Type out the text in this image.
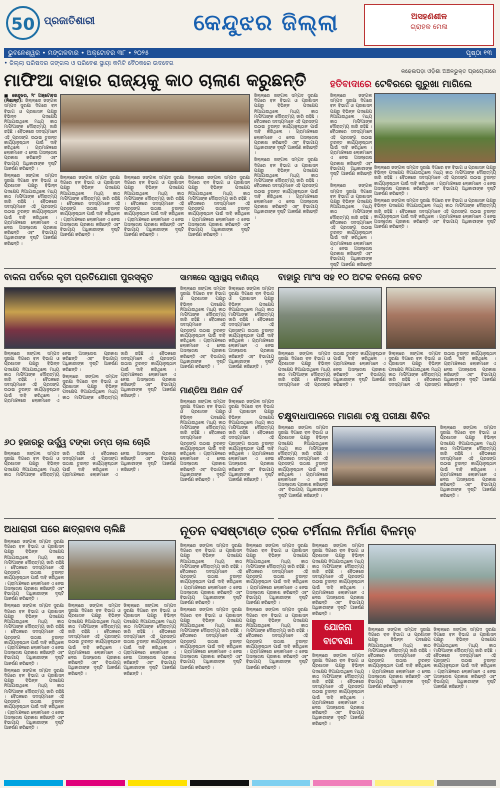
50 ପ୍ରଜାତିଶାରୀ	କେନ୍ଦୁଝର ଜିଲ୍ଲା	ଅସହଣଶୀଳ
ଗ୍ରାହକ ମେଳା
ଭୁବନେଶ୍ୱର • ମଙ୍ଗଳବାର • ଅକ୍ଟୋବର ୩୮ • ୨୦୨୫	ପୃଷ୍ଠା ୧୩
• ଜିଲ୍ଲା ପରିଷଦର ଜଙ୍ଗଲ ଓ ପରିବେଶ ସ୍ଥାୟୀ କମିଟି ବୈଠକରେ ଉଦବେଗ
ମାଫିଆ ବାହାର ରାଜ୍ୟକୁ କାଠ ଚାଲାଣ କରୁଛନ୍ତି	କଢେଇପଡ଼ା ଓଡ଼ିଶା ଅଞ୍ଚଳଭୁକ୍ତ ପ୍ରୟୋଗରେ
ହତିବାଦାରେ ଟେବିରରେ ଗୁରୁଖା ମାଗିଲେ

■ କେନ୍ଦୁଝର, ୨୮ ଅକ୍ଟୋବର (ନିଶାନ୍ତ): ଜିଲ୍ଲାରେ ଜଙ୍ଗଲ ସମ୍ପଦ ସୁରକ୍ଷା ଦିଗରେ ବନ ବିଭାଗ ଓ ପ୍ରଶାସନ ପକ୍ଷରୁ ବିଭିନ୍ନ ପଦକ୍ଷେପ ନିଆଯାଉଥିଲେ ମଧ୍ୟ କାଠ ମାଫିଆଙ୍କ ଦୌରାତ୍ମ୍ୟ ଜାରି ରହିଛି । ବୈଠକରେ ସଦସ୍ୟମାନେ ଏହି ପ୍ରସଙ୍ଗ ଉଠାଇ ତୁରନ୍ତ କାର୍ଯ୍ୟାନୁଷ୍ଠାନ ପାଇଁ ଦାବି କରିଥିଲେ । ଗ୍ରାମାଞ୍ଚଳରେ ଲୋକମାନେ ଏ ନେଇ ଅସନ୍ତୋଷ ପ୍ରକାଶ କରିଛନ୍ତି ଏବଂ ବିଭାଗୀୟ ଅଧିକାରୀଙ୍କ ଦୃଷ୍ଟି ଆକର୍ଷଣ କରିଛନ୍ତି ।

ଜିଲ୍ଲାରେ ଜଙ୍ଗଲ ସମ୍ପଦ ସୁରକ୍ଷା ଦିଗରେ ବନ ବିଭାଗ ଓ ପ୍ରଶାସନ ପକ୍ଷରୁ ବିଭିନ୍ନ ପଦକ୍ଷେପ ନିଆଯାଉଥିଲେ ମଧ୍ୟ କାଠ ମାଫିଆଙ୍କ ଦୌରାତ୍ମ୍ୟ ଜାରି ରହିଛି । ବୈଠକରେ ସଦସ୍ୟମାନେ ଏହି ପ୍ରସଙ୍ଗ ଉଠାଇ ତୁରନ୍ତ କାର୍ଯ୍ୟାନୁଷ୍ଠାନ ପାଇଁ ଦାବି କରିଥିଲେ । ଗ୍ରାମାଞ୍ଚଳରେ ଲୋକମାନେ ଏ ନେଇ ଅସନ୍ତୋଷ ପ୍ରକାଶ କରିଛନ୍ତି ଏବଂ ବିଭାଗୀୟ ଅଧିକାରୀଙ୍କ ଦୃଷ୍ଟି ଆକର୍ଷଣ କରିଛନ୍ତି ।

ଜିଲ୍ଲାରେ ଜଙ୍ଗଲ ସମ୍ପଦ ସୁରକ୍ଷା ଦିଗରେ ବନ ବିଭାଗ ଓ ପ୍ରଶାସନ ପକ୍ଷରୁ ବିଭିନ୍ନ ପଦକ୍ଷେପ ନିଆଯାଉଥିଲେ ମଧ୍ୟ କାଠ ମାଫିଆଙ୍କ ଦୌରାତ୍ମ୍ୟ ଜାରି ରହିଛି । ବୈଠକରେ ସଦସ୍ୟମାନେ ଏହି ପ୍ରସଙ୍ଗ ଉଠାଇ ତୁରନ୍ତ କାର୍ଯ୍ୟାନୁଷ୍ଠାନ ପାଇଁ ଦାବି କରିଥିଲେ । ଗ୍ରାମାଞ୍ଚଳରେ ଲୋକମାନେ ଏ ନେଇ ଅସନ୍ତୋଷ ପ୍ରକାଶ କରିଛନ୍ତି ଏବଂ ବିଭାଗୀୟ ଅଧିକାରୀଙ୍କ ଦୃଷ୍ଟି ଆକର୍ଷଣ କରିଛନ୍ତି ।

ଜିଲ୍ଲାରେ ଜଙ୍ଗଲ ସମ୍ପଦ ସୁରକ୍ଷା ଦିଗରେ ବନ ବିଭାଗ ଓ ପ୍ରଶାସନ ପକ୍ଷରୁ ବିଭିନ୍ନ ପଦକ୍ଷେପ ନିଆଯାଉଥିଲେ ମଧ୍ୟ କାଠ ମାଫିଆଙ୍କ ଦୌରାତ୍ମ୍ୟ ଜାରି ରହିଛି । ବୈଠକରେ ସଦସ୍ୟମାନେ ଏହି ପ୍ରସଙ୍ଗ ଉଠାଇ ତୁରନ୍ତ କାର୍ଯ୍ୟାନୁଷ୍ଠାନ ପାଇଁ ଦାବି କରିଥିଲେ । ଗ୍ରାମାଞ୍ଚଳରେ ଲୋକମାନେ ଏ ନେଇ ଅସନ୍ତୋଷ ପ୍ରକାଶ କରିଛନ୍ତି ଏବଂ ବିଭାଗୀୟ ଅଧିକାରୀଙ୍କ ଦୃଷ୍ଟି ଆକର୍ଷଣ କରିଛନ୍ତି ।

ଜିଲ୍ଲାରେ ଜଙ୍ଗଲ ସମ୍ପଦ ସୁରକ୍ଷା ଦିଗରେ ବନ ବିଭାଗ ଓ ପ୍ରଶାସନ ପକ୍ଷରୁ ବିଭିନ୍ନ ପଦକ୍ଷେପ ନିଆଯାଉଥିଲେ ମଧ୍ୟ କାଠ ମାଫିଆଙ୍କ ଦୌରାତ୍ମ୍ୟ ଜାରି ରହିଛି । ବୈଠକରେ ସଦସ୍ୟମାନେ ଏହି ପ୍ରସଙ୍ଗ ଉଠାଇ ତୁରନ୍ତ କାର୍ଯ୍ୟାନୁଷ୍ଠାନ ପାଇଁ ଦାବି କରିଥିଲେ । ଗ୍ରାମାଞ୍ଚଳରେ ଲୋକମାନେ ଏ ନେଇ ଅସନ୍ତୋଷ ପ୍ରକାଶ କରିଛନ୍ତି ଏବଂ ବିଭାଗୀୟ ଅଧିକାରୀଙ୍କ ଦୃଷ୍ଟି ଆକର୍ଷଣ କରିଛନ୍ତି ।

ଜିଲ୍ଲାରେ ଜଙ୍ଗଲ ସମ୍ପଦ ସୁରକ୍ଷା ଦିଗରେ ବନ ବିଭାଗ ଓ ପ୍ରଶାସନ ପକ୍ଷରୁ ବିଭିନ୍ନ ପଦକ୍ଷେପ ନିଆଯାଉଥିଲେ ମଧ୍ୟ କାଠ ମାଫିଆଙ୍କ ଦୌରାତ୍ମ୍ୟ ଜାରି ରହିଛି । ବୈଠକରେ ସଦସ୍ୟମାନେ ଏହି ପ୍ରସଙ୍ଗ ଉଠାଇ ତୁରନ୍ତ କାର୍ଯ୍ୟାନୁଷ୍ଠାନ ପାଇଁ ଦାବି କରିଥିଲେ । ଗ୍ରାମାଞ୍ଚଳରେ ଲୋକମାନେ ଏ ନେଇ ଅସନ୍ତୋଷ ପ୍ରକାଶ କରିଛନ୍ତି ଏବଂ ବିଭାଗୀୟ ଅଧିକାରୀଙ୍କ ଦୃଷ୍ଟି ଆକର୍ଷଣ କରିଛନ୍ତି ।

ଜିଲ୍ଲାରେ ଜଙ୍ଗଲ ସମ୍ପଦ ସୁରକ୍ଷା ଦିଗରେ ବନ ବିଭାଗ ଓ ପ୍ରଶାସନ ପକ୍ଷରୁ ବିଭିନ୍ନ ପଦକ୍ଷେପ ନିଆଯାଉଥିଲେ ମଧ୍ୟ କାଠ ମାଫିଆଙ୍କ ଦୌରାତ୍ମ୍ୟ ଜାରି ରହିଛି । ବୈଠକରେ ସଦସ୍ୟମାନେ ଏହି ପ୍ରସଙ୍ଗ ଉଠାଇ ତୁରନ୍ତ କାର୍ଯ୍ୟାନୁଷ୍ଠାନ ପାଇଁ ଦାବି କରିଥିଲେ । ଗ୍ରାମାଞ୍ଚଳରେ ଲୋକମାନେ ଏ ନେଇ ଅସନ୍ତୋଷ ପ୍ରକାଶ କରିଛନ୍ତି ଏବଂ ବିଭାଗୀୟ ଅଧିକାରୀଙ୍କ ଦୃଷ୍ଟି ଆକର୍ଷଣ କରିଛନ୍ତି ।

ଜିଲ୍ଲାରେ ଜଙ୍ଗଲ ସମ୍ପଦ ସୁରକ୍ଷା ଦିଗରେ ବନ ବିଭାଗ ଓ ପ୍ରଶାସନ ପକ୍ଷରୁ ବିଭିନ୍ନ ପଦକ୍ଷେପ ନିଆଯାଉଥିଲେ ମଧ୍ୟ କାଠ ମାଫିଆଙ୍କ ଦୌରାତ୍ମ୍ୟ ଜାରି ରହିଛି । ବୈଠକରେ ସଦସ୍ୟମାନେ ଏହି ପ୍ରସଙ୍ଗ ଉଠାଇ ତୁରନ୍ତ କାର୍ଯ୍ୟାନୁଷ୍ଠାନ ପାଇଁ ଦାବି କରିଥିଲେ । ଗ୍ରାମାଞ୍ଚଳରେ ଲୋକମାନେ ଏ ନେଇ ଅସନ୍ତୋଷ ପ୍ରକାଶ କରିଛନ୍ତି ଏବଂ ବିଭାଗୀୟ ଅଧିକାରୀଙ୍କ ଦୃଷ୍ଟି ଆକର୍ଷଣ କରିଛନ୍ତି ।

ଜିଲ୍ଲାରେ ଜଙ୍ଗଲ ସମ୍ପଦ ସୁରକ୍ଷା ଦିଗରେ ବନ ବିଭାଗ ଓ ପ୍ରଶାସନ ପକ୍ଷରୁ ବିଭିନ୍ନ ପଦକ୍ଷେପ ନିଆଯାଉଥିଲେ ମଧ୍ୟ କାଠ ମାଫିଆଙ୍କ ଦୌରାତ୍ମ୍ୟ ଜାରି ରହିଛି । ବୈଠକରେ ସଦସ୍ୟମାନେ ଏହି ପ୍ରସଙ୍ଗ ଉଠାଇ ତୁରନ୍ତ କାର୍ଯ୍ୟାନୁଷ୍ଠାନ ପାଇଁ ଦାବି କରିଥିଲେ । ଗ୍ରାମାଞ୍ଚଳରେ ଲୋକମାନେ ଏ ନେଇ ଅସନ୍ତୋଷ ପ୍ରକାଶ କରିଛନ୍ତି ଏବଂ ବିଭାଗୀୟ ଅଧିକାରୀଙ୍କ ଦୃଷ୍ଟି ଆକର୍ଷଣ କରିଛନ୍ତି ।

ଜିଲ୍ଲାରେ ଜଙ୍ଗଲ ସମ୍ପଦ ସୁରକ୍ଷା ଦିଗରେ ବନ ବିଭାଗ ଓ ପ୍ରଶାସନ ପକ୍ଷରୁ ବିଭିନ୍ନ ପଦକ୍ଷେପ ନିଆଯାଉଥିଲେ ମଧ୍ୟ କାଠ ମାଫିଆଙ୍କ ଦୌରାତ୍ମ୍ୟ ଜାରି ରହିଛି । ବୈଠକରେ ସଦସ୍ୟମାନେ ଏହି ପ୍ରସଙ୍ଗ ଉଠାଇ ତୁରନ୍ତ କାର୍ଯ୍ୟାନୁଷ୍ଠାନ ପାଇଁ ଦାବି କରିଥିଲେ । ଗ୍ରାମାଞ୍ଚଳରେ ଲୋକମାନେ ଏ ନେଇ ଅସନ୍ତୋଷ ପ୍ରକାଶ କରିଛନ୍ତି ଏବଂ ବିଭାଗୀୟ ଅଧିକାରୀଙ୍କ ଦୃଷ୍ଟି ଆକର୍ଷଣ କରିଛନ୍ତି ।

ଜିଲ୍ଲାରେ ଜଙ୍ଗଲ ସମ୍ପଦ ସୁରକ୍ଷା ଦିଗରେ ବନ ବିଭାଗ ଓ ପ୍ରଶାସନ ପକ୍ଷରୁ ବିଭିନ୍ନ ପଦକ୍ଷେପ ନିଆଯାଉଥିଲେ ମଧ୍ୟ କାଠ ମାଫିଆଙ୍କ ଦୌରାତ୍ମ୍ୟ ଜାରି ରହିଛି । ବୈଠକରେ ସଦସ୍ୟମାନେ ଏହି ପ୍ରସଙ୍ଗ ଉଠାଇ ତୁରନ୍ତ କାର୍ଯ୍ୟାନୁଷ୍ଠାନ ପାଇଁ ଦାବି କରିଥିଲେ । ଗ୍ରାମାଞ୍ଚଳରେ ଲୋକମାନେ ଏ ନେଇ ଅସନ୍ତୋଷ ପ୍ରକାଶ କରିଛନ୍ତି ଏବଂ ବିଭାଗୀୟ ଅଧିକାରୀଙ୍କ ଦୃଷ୍ଟି ଆକର୍ଷଣ କରିଛନ୍ତି ।

ବାକନା ପର୍ବରେ କୃତୀ ପ୍ରତିଯୋଗୀ ପୁରସ୍କୃତ

ଜିଲ୍ଲାରେ ଜଙ୍ଗଲ ସମ୍ପଦ ସୁରକ୍ଷା ଦିଗରେ ବନ ବିଭାଗ ଓ ପ୍ରଶାସନ ପକ୍ଷରୁ ବିଭିନ୍ନ ପଦକ୍ଷେପ ନିଆଯାଉଥିଲେ ମଧ୍ୟ କାଠ ମାଫିଆଙ୍କ ଦୌରାତ୍ମ୍ୟ ଜାରି ରହିଛି । ବୈଠକରେ ସଦସ୍ୟମାନେ ଏହି ପ୍ରସଙ୍ଗ ଉଠାଇ ତୁରନ୍ତ କାର୍ଯ୍ୟାନୁଷ୍ଠାନ ପାଇଁ ଦାବି କରିଥିଲେ । ଗ୍ରାମାଞ୍ଚଳରେ ଲୋକମାନେ ଏ ନେଇ ଅସନ୍ତୋଷ ପ୍ରକାଶ କରିଛନ୍ତି ଏବଂ ବିଭାଗୀୟ ଅଧିକାରୀଙ୍କ ଦୃଷ୍ଟି ଆକର୍ଷଣ କରିଛନ୍ତି ।

ଜିଲ୍ଲାରେ ଜଙ୍ଗଲ ସମ୍ପଦ ସୁରକ୍ଷା ଦିଗରେ ବନ ବିଭାଗ ଓ ପ୍ରଶାସନ ପକ୍ଷରୁ ବିଭିନ୍ନ ପଦକ୍ଷେପ ନିଆଯାଉଥିଲେ ମଧ୍ୟ କାଠ ମାଫିଆଙ୍କ ଦୌରାତ୍ମ୍ୟ ଜାରି ରହିଛି । ବୈଠକରେ ସଦସ୍ୟମାନେ ଏହି ପ୍ରସଙ୍ଗ ଉଠାଇ ତୁରନ୍ତ କାର୍ଯ୍ୟାନୁଷ୍ଠାନ ପାଇଁ ଦାବି କରିଥିଲେ । ଗ୍ରାମାଞ୍ଚଳରେ ଲୋକମାନେ ଏ ନେଇ ଅସନ୍ତୋଷ ପ୍ରକାଶ କରିଛନ୍ତି ଏବଂ ବିଭାଗୀୟ ଅଧିକାରୀଙ୍କ ଦୃଷ୍ଟି ଆକର୍ଷଣ କରିଛନ୍ତି ।

ସାମଜ୍ଞରେ ସ୍ୱାସ୍ଥ୍ୟ ବାଣିଜ୍ୟ

ଜିଲ୍ଲାରେ ଜଙ୍ଗଲ ସମ୍ପଦ ସୁରକ୍ଷା ଦିଗରେ ବନ ବିଭାଗ ଓ ପ୍ରଶାସନ ପକ୍ଷରୁ ବିଭିନ୍ନ ପଦକ୍ଷେପ ନିଆଯାଉଥିଲେ ମଧ୍ୟ କାଠ ମାଫିଆଙ୍କ ଦୌରାତ୍ମ୍ୟ ଜାରି ରହିଛି । ବୈଠକରେ ସଦସ୍ୟମାନେ ଏହି ପ୍ରସଙ୍ଗ ଉଠାଇ ତୁରନ୍ତ କାର୍ଯ୍ୟାନୁଷ୍ଠାନ ପାଇଁ ଦାବି କରିଥିଲେ । ଗ୍ରାମାଞ୍ଚଳରେ ଲୋକମାନେ ଏ ନେଇ ଅସନ୍ତୋଷ ପ୍ରକାଶ କରିଛନ୍ତି ଏବଂ ବିଭାଗୀୟ ଅଧିକାରୀଙ୍କ ଦୃଷ୍ଟି ଆକର୍ଷଣ କରିଛନ୍ତି ।

ଜିଲ୍ଲାରେ ଜଙ୍ଗଲ ସମ୍ପଦ ସୁରକ୍ଷା ଦିଗରେ ବନ ବିଭାଗ ଓ ପ୍ରଶାସନ ପକ୍ଷରୁ ବିଭିନ୍ନ ପଦକ୍ଷେପ ନିଆଯାଉଥିଲେ ମଧ୍ୟ କାଠ ମାଫିଆଙ୍କ ଦୌରାତ୍ମ୍ୟ ଜାରି ରହିଛି । ବୈଠକରେ ସଦସ୍ୟମାନେ ଏହି ପ୍ରସଙ୍ଗ ଉଠାଇ ତୁରନ୍ତ କାର୍ଯ୍ୟାନୁଷ୍ଠାନ ପାଇଁ ଦାବି କରିଥିଲେ । ଗ୍ରାମାଞ୍ଚଳରେ ଲୋକମାନେ ଏ ନେଇ ଅସନ୍ତୋଷ ପ୍ରକାଶ କରିଛନ୍ତି ଏବଂ ବିଭାଗୀୟ ଅଧିକାରୀଙ୍କ ଦୃଷ୍ଟି ଆକର୍ଷଣ କରିଛନ୍ତି ।

ବାହାରୁ ମାଂସ ସହ ୧୦ ଅଟକ ବନଲୋ ଜବତ

ଜିଲ୍ଲାରେ ଜଙ୍ଗଲ ସମ୍ପଦ ସୁରକ୍ଷା ଦିଗରେ ବନ ବିଭାଗ ଓ ପ୍ରଶାସନ ପକ୍ଷରୁ ବିଭିନ୍ନ ପଦକ୍ଷେପ ନିଆଯାଉଥିଲେ ମଧ୍ୟ କାଠ ମାଫିଆଙ୍କ ଦୌରାତ୍ମ୍ୟ ଜାରି ରହିଛି । ବୈଠକରେ ସଦସ୍ୟମାନେ ଏହି ପ୍ରସଙ୍ଗ ଉଠାଇ ତୁରନ୍ତ କାର୍ଯ୍ୟାନୁଷ୍ଠାନ ପାଇଁ ଦାବି କରିଥିଲେ । ଗ୍ରାମାଞ୍ଚଳରେ ଲୋକମାନେ ଏ ନେଇ ଅସନ୍ତୋଷ ପ୍ରକାଶ କରିଛନ୍ତି ଏବଂ ବିଭାଗୀୟ ଅଧିକାରୀଙ୍କ ଦୃଷ୍ଟି ଆକର୍ଷଣ କରିଛନ୍ତି ।

ଜିଲ୍ଲାରେ ଜଙ୍ଗଲ ସମ୍ପଦ ସୁରକ୍ଷା ଦିଗରେ ବନ ବିଭାଗ ଓ ପ୍ରଶାସନ ପକ୍ଷରୁ ବିଭିନ୍ନ ପଦକ୍ଷେପ ନିଆଯାଉଥିଲେ ମଧ୍ୟ କାଠ ମାଫିଆଙ୍କ ଦୌରାତ୍ମ୍ୟ ଜାରି ରହିଛି । ବୈଠକରେ ସଦସ୍ୟମାନେ ଏହି ପ୍ରସଙ୍ଗ ଉଠାଇ ତୁରନ୍ତ କାର୍ଯ୍ୟାନୁଷ୍ଠାନ ପାଇଁ ଦାବି କରିଥିଲେ । ଗ୍ରାମାଞ୍ଚଳରେ ଲୋକମାନେ ଏ ନେଇ ଅସନ୍ତୋଷ ପ୍ରକାଶ କରିଛନ୍ତି ଏବଂ ବିଭାଗୀୟ ଅଧିକାରୀଙ୍କ ଦୃଷ୍ଟି ଆକର୍ଷଣ କରିଛନ୍ତି ।

ମାଣ୍ଡିଆ ଅଣନ ପର୍ବ

ଜିଲ୍ଲାରେ ଜଙ୍ଗଲ ସମ୍ପଦ ସୁରକ୍ଷା ଦିଗରେ ବନ ବିଭାଗ ଓ ପ୍ରଶାସନ ପକ୍ଷରୁ ବିଭିନ୍ନ ପଦକ୍ଷେପ ନିଆଯାଉଥିଲେ ମଧ୍ୟ କାଠ ମାଫିଆଙ୍କ ଦୌରାତ୍ମ୍ୟ ଜାରି ରହିଛି । ବୈଠକରେ ସଦସ୍ୟମାନେ ଏହି ପ୍ରସଙ୍ଗ ଉଠାଇ ତୁରନ୍ତ କାର୍ଯ୍ୟାନୁଷ୍ଠାନ ପାଇଁ ଦାବି କରିଥିଲେ । ଗ୍ରାମାଞ୍ଚଳରେ ଲୋକମାନେ ଏ ନେଇ ଅସନ୍ତୋଷ ପ୍ରକାଶ କରିଛନ୍ତି ଏବଂ ବିଭାଗୀୟ ଅଧିକାରୀଙ୍କ ଦୃଷ୍ଟି ଆକର୍ଷଣ କରିଛନ୍ତି ।

ଜିଲ୍ଲାରେ ଜଙ୍ଗଲ ସମ୍ପଦ ସୁରକ୍ଷା ଦିଗରେ ବନ ବିଭାଗ ଓ ପ୍ରଶାସନ ପକ୍ଷରୁ ବିଭିନ୍ନ ପଦକ୍ଷେପ ନିଆଯାଉଥିଲେ ମଧ୍ୟ କାଠ ମାଫିଆଙ୍କ ଦୌରାତ୍ମ୍ୟ ଜାରି ରହିଛି । ବୈଠକରେ ସଦସ୍ୟମାନେ ଏହି ପ୍ରସଙ୍ଗ ଉଠାଇ ତୁରନ୍ତ କାର୍ଯ୍ୟାନୁଷ୍ଠାନ ପାଇଁ ଦାବି କରିଥିଲେ । ଗ୍ରାମାଞ୍ଚଳରେ ଲୋକମାନେ ଏ ନେଇ ଅସନ୍ତୋଷ ପ୍ରକାଶ କରିଛନ୍ତି ଏବଂ ବିଭାଗୀୟ ଅଧିକାରୀଙ୍କ ଦୃଷ୍ଟି ଆକର୍ଷଣ କରିଛନ୍ତି ।

ଚକ୍ଷୁବାଧାପାଳରେ ମାଗଣା ଚକ୍ଷୁ ପରୀକ୍ଷା ଶିବିର

ଜିଲ୍ଲାରେ ଜଙ୍ଗଲ ସମ୍ପଦ ସୁରକ୍ଷା ଦିଗରେ ବନ ବିଭାଗ ଓ ପ୍ରଶାସନ ପକ୍ଷରୁ ବିଭିନ୍ନ ପଦକ୍ଷେପ ନିଆଯାଉଥିଲେ ମଧ୍ୟ କାଠ ମାଫିଆଙ୍କ ଦୌରାତ୍ମ୍ୟ ଜାରି ରହିଛି । ବୈଠକରେ ସଦସ୍ୟମାନେ ଏହି ପ୍ରସଙ୍ଗ ଉଠାଇ ତୁରନ୍ତ କାର୍ଯ୍ୟାନୁଷ୍ଠାନ ପାଇଁ ଦାବି କରିଥିଲେ । ଗ୍ରାମାଞ୍ଚଳରେ ଲୋକମାନେ ଏ ନେଇ ଅସନ୍ତୋଷ ପ୍ରକାଶ କରିଛନ୍ତି ଏବଂ ବିଭାଗୀୟ ଅଧିକାରୀଙ୍କ ଦୃଷ୍ଟି ଆକର୍ଷଣ କରିଛନ୍ତି ।

ଜିଲ୍ଲାରେ ଜଙ୍ଗଲ ସମ୍ପଦ ସୁରକ୍ଷା ଦିଗରେ ବନ ବିଭାଗ ଓ ପ୍ରଶାସନ ପକ୍ଷରୁ ବିଭିନ୍ନ ପଦକ୍ଷେପ ନିଆଯାଉଥିଲେ ମଧ୍ୟ କାଠ ମାଫିଆଙ୍କ ଦୌରାତ୍ମ୍ୟ ଜାରି ରହିଛି । ବୈଠକରେ ସଦସ୍ୟମାନେ ଏହି ପ୍ରସଙ୍ଗ ଉଠାଇ ତୁରନ୍ତ କାର୍ଯ୍ୟାନୁଷ୍ଠାନ ପାଇଁ ଦାବି କରିଥିଲେ । ଗ୍ରାମାଞ୍ଚଳରେ ଲୋକମାନେ ଏ ନେଇ ଅସନ୍ତୋଷ ପ୍ରକାଶ କରିଛନ୍ତି ଏବଂ ବିଭାଗୀୟ ଅଧିକାରୀଙ୍କ ଦୃଷ୍ଟି ଆକର୍ଷଣ କରିଛନ୍ତି ।

୬୦ ହଜାରରୁ ଉର୍ଦ୍ଧ୍ୱ ଟଙ୍କା ଡମ୍ପ ଚାଲ ଚୋରି

ଜିଲ୍ଲାରେ ଜଙ୍ଗଲ ସମ୍ପଦ ସୁରକ୍ଷା ଦିଗରେ ବନ ବିଭାଗ ଓ ପ୍ରଶାସନ ପକ୍ଷରୁ ବିଭିନ୍ନ ପଦକ୍ଷେପ ନିଆଯାଉଥିଲେ ମଧ୍ୟ କାଠ ମାଫିଆଙ୍କ ଦୌରାତ୍ମ୍ୟ ଜାରି ରହିଛି । ବୈଠକରେ ସଦସ୍ୟମାନେ ଏହି ପ୍ରସଙ୍ଗ ଉଠାଇ ତୁରନ୍ତ କାର୍ଯ୍ୟାନୁଷ୍ଠାନ ପାଇଁ ଦାବି କରିଥିଲେ । ଗ୍ରାମାଞ୍ଚଳରେ ଲୋକମାନେ ଏ ନେଇ ଅସନ୍ତୋଷ ପ୍ରକାଶ କରିଛନ୍ତି ଏବଂ ବିଭାଗୀୟ ଅଧିକାରୀଙ୍କ ଦୃଷ୍ଟି ଆକର୍ଷଣ କରିଛନ୍ତି ।

ଅଧାରାରୀ ଘରେ ଛାତ୍ରାବାସ ଚାଲିଛି

ଜିଲ୍ଲାରେ ଜଙ୍ଗଲ ସମ୍ପଦ ସୁରକ୍ଷା ଦିଗରେ ବନ ବିଭାଗ ଓ ପ୍ରଶାସନ ପକ୍ଷରୁ ବିଭିନ୍ନ ପଦକ୍ଷେପ ନିଆଯାଉଥିଲେ ମଧ୍ୟ କାଠ ମାଫିଆଙ୍କ ଦୌରାତ୍ମ୍ୟ ଜାରି ରହିଛି । ବୈଠକରେ ସଦସ୍ୟମାନେ ଏହି ପ୍ରସଙ୍ଗ ଉଠାଇ ତୁରନ୍ତ କାର୍ଯ୍ୟାନୁଷ୍ଠାନ ପାଇଁ ଦାବି କରିଥିଲେ । ଗ୍ରାମାଞ୍ଚଳରେ ଲୋକମାନେ ଏ ନେଇ ଅସନ୍ତୋଷ ପ୍ରକାଶ କରିଛନ୍ତି ଏବଂ ବିଭାଗୀୟ ଅଧିକାରୀଙ୍କ ଦୃଷ୍ଟି ଆକର୍ଷଣ କରିଛନ୍ତି ।

ଜିଲ୍ଲାରେ ଜଙ୍ଗଲ ସମ୍ପଦ ସୁରକ୍ଷା ଦିଗରେ ବନ ବିଭାଗ ଓ ପ୍ରଶାସନ ପକ୍ଷରୁ ବିଭିନ୍ନ ପଦକ୍ଷେପ ନିଆଯାଉଥିଲେ ମଧ୍ୟ କାଠ ମାଫିଆଙ୍କ ଦୌରାତ୍ମ୍ୟ ଜାରି ରହିଛି । ବୈଠକରେ ସଦସ୍ୟମାନେ ଏହି ପ୍ରସଙ୍ଗ ଉଠାଇ ତୁରନ୍ତ କାର୍ଯ୍ୟାନୁଷ୍ଠାନ ପାଇଁ ଦାବି କରିଥିଲେ । ଗ୍ରାମାଞ୍ଚଳରେ ଲୋକମାନେ ଏ ନେଇ ଅସନ୍ତୋଷ ପ୍ରକାଶ କରିଛନ୍ତି ଏବଂ ବିଭାଗୀୟ ଅଧିକାରୀଙ୍କ ଦୃଷ୍ଟି ଆକର୍ଷଣ କରିଛନ୍ତି ।

ଜିଲ୍ଲାରେ ଜଙ୍ଗଲ ସମ୍ପଦ ସୁରକ୍ଷା ଦିଗରେ ବନ ବିଭାଗ ଓ ପ୍ରଶାସନ ପକ୍ଷରୁ ବିଭିନ୍ନ ପଦକ୍ଷେପ ନିଆଯାଉଥିଲେ ମଧ୍ୟ କାଠ ମାଫିଆଙ୍କ ଦୌରାତ୍ମ୍ୟ ଜାରି ରହିଛି । ବୈଠକରେ ସଦସ୍ୟମାନେ ଏହି ପ୍ରସଙ୍ଗ ଉଠାଇ ତୁରନ୍ତ କାର୍ଯ୍ୟାନୁଷ୍ଠାନ ପାଇଁ ଦାବି କରିଥିଲେ । ଗ୍ରାମାଞ୍ଚଳରେ ଲୋକମାନେ ଏ ନେଇ ଅସନ୍ତୋଷ ପ୍ରକାଶ କରିଛନ୍ତି ଏବଂ ବିଭାଗୀୟ ଅଧିକାରୀଙ୍କ ଦୃଷ୍ଟି ଆକର୍ଷଣ କରିଛନ୍ତି ।

ଜିଲ୍ଲାରେ ଜଙ୍ଗଲ ସମ୍ପଦ ସୁରକ୍ଷା ଦିଗରେ ବନ ବିଭାଗ ଓ ପ୍ରଶାସନ ପକ୍ଷରୁ ବିଭିନ୍ନ ପଦକ୍ଷେପ ନିଆଯାଉଥିଲେ ମଧ୍ୟ କାଠ ମାଫିଆଙ୍କ ଦୌରାତ୍ମ୍ୟ ଜାରି ରହିଛି । ବୈଠକରେ ସଦସ୍ୟମାନେ ଏହି ପ୍ରସଙ୍ଗ ଉଠାଇ ତୁରନ୍ତ କାର୍ଯ୍ୟାନୁଷ୍ଠାନ ପାଇଁ ଦାବି କରିଥିଲେ । ଗ୍ରାମାଞ୍ଚଳରେ ଲୋକମାନେ ଏ ନେଇ ଅସନ୍ତୋଷ ପ୍ରକାଶ କରିଛନ୍ତି ଏବଂ ବିଭାଗୀୟ ଅଧିକାରୀଙ୍କ ଦୃଷ୍ଟି ଆକର୍ଷଣ କରିଛନ୍ତି ।

ଜିଲ୍ଲାରେ ଜଙ୍ଗଲ ସମ୍ପଦ ସୁରକ୍ଷା ଦିଗରେ ବନ ବିଭାଗ ଓ ପ୍ରଶାସନ ପକ୍ଷରୁ ବିଭିନ୍ନ ପଦକ୍ଷେପ ନିଆଯାଉଥିଲେ ମଧ୍ୟ କାଠ ମାଫିଆଙ୍କ ଦୌରାତ୍ମ୍ୟ ଜାରି ରହିଛି । ବୈଠକରେ ସଦସ୍ୟମାନେ ଏହି ପ୍ରସଙ୍ଗ ଉଠାଇ ତୁରନ୍ତ କାର୍ଯ୍ୟାନୁଷ୍ଠାନ ପାଇଁ ଦାବି କରିଥିଲେ । ଗ୍ରାମାଞ୍ଚଳରେ ଲୋକମାନେ ଏ ନେଇ ଅସନ୍ତୋଷ ପ୍ରକାଶ କରିଛନ୍ତି ଏବଂ ବିଭାଗୀୟ ଅଧିକାରୀଙ୍କ ଦୃଷ୍ଟି ଆକର୍ଷଣ କରିଛନ୍ତି ।

ନୂତନ ବସଷ୍ଟାଣ୍ଡ ଟ୍ରକ ଟର୍ମିନାଲ ନିର୍ମାଣ ବିଳମ୍ବ

ଜିଲ୍ଲାରେ ଜଙ୍ଗଲ ସମ୍ପଦ ସୁରକ୍ଷା ଦିଗରେ ବନ ବିଭାଗ ଓ ପ୍ରଶାସନ ପକ୍ଷରୁ ବିଭିନ୍ନ ପଦକ୍ଷେପ ନିଆଯାଉଥିଲେ ମଧ୍ୟ କାଠ ମାଫିଆଙ୍କ ଦୌରାତ୍ମ୍ୟ ଜାରି ରହିଛି । ବୈଠକରେ ସଦସ୍ୟମାନେ ଏହି ପ୍ରସଙ୍ଗ ଉଠାଇ ତୁରନ୍ତ କାର୍ଯ୍ୟାନୁଷ୍ଠାନ ପାଇଁ ଦାବି କରିଥିଲେ । ଗ୍ରାମାଞ୍ଚଳରେ ଲୋକମାନେ ଏ ନେଇ ଅସନ୍ତୋଷ ପ୍ରକାଶ କରିଛନ୍ତି ଏବଂ ବିଭାଗୀୟ ଅଧିକାରୀଙ୍କ ଦୃଷ୍ଟି ଆକର୍ଷଣ କରିଛନ୍ତି ।

ଜିଲ୍ଲାରେ ଜଙ୍ଗଲ ସମ୍ପଦ ସୁରକ୍ଷା ଦିଗରେ ବନ ବିଭାଗ ଓ ପ୍ରଶାସନ ପକ୍ଷରୁ ବିଭିନ୍ନ ପଦକ୍ଷେପ ନିଆଯାଉଥିଲେ ମଧ୍ୟ କାଠ ମାଫିଆଙ୍କ ଦୌରାତ୍ମ୍ୟ ଜାରି ରହିଛି । ବୈଠକରେ ସଦସ୍ୟମାନେ ଏହି ପ୍ରସଙ୍ଗ ଉଠାଇ ତୁରନ୍ତ କାର୍ଯ୍ୟାନୁଷ୍ଠାନ ପାଇଁ ଦାବି କରିଥିଲେ । ଗ୍ରାମାଞ୍ଚଳରେ ଲୋକମାନେ ଏ ନେଇ ଅସନ୍ତୋଷ ପ୍ରକାଶ କରିଛନ୍ତି ଏବଂ ବିଭାଗୀୟ ଅଧିକାରୀଙ୍କ ଦୃଷ୍ଟି ଆକର୍ଷଣ କରିଛନ୍ତି ।

ଜିଲ୍ଲାରେ ଜଙ୍ଗଲ ସମ୍ପଦ ସୁରକ୍ଷା ଦିଗରେ ବନ ବିଭାଗ ଓ ପ୍ରଶାସନ ପକ୍ଷରୁ ବିଭିନ୍ନ ପଦକ୍ଷେପ ନିଆଯାଉଥିଲେ ମଧ୍ୟ କାଠ ମାଫିଆଙ୍କ ଦୌରାତ୍ମ୍ୟ ଜାରି ରହିଛି । ବୈଠକରେ ସଦସ୍ୟମାନେ ଏହି ପ୍ରସଙ୍ଗ ଉଠାଇ ତୁରନ୍ତ କାର୍ଯ୍ୟାନୁଷ୍ଠାନ ପାଇଁ ଦାବି କରିଥିଲେ । ଗ୍ରାମାଞ୍ଚଳରେ ଲୋକମାନେ ଏ ନେଇ ଅସନ୍ତୋଷ ପ୍ରକାଶ କରିଛନ୍ତି ଏବଂ ବିଭାଗୀୟ ଅଧିକାରୀଙ୍କ ଦୃଷ୍ଟି ଆକର୍ଷଣ କରିଛନ୍ତି ।

ଜିଲ୍ଲାରେ ଜଙ୍ଗଲ ସମ୍ପଦ ସୁରକ୍ଷା ଦିଗରେ ବନ ବିଭାଗ ଓ ପ୍ରଶାସନ ପକ୍ଷରୁ ବିଭିନ୍ନ ପଦକ୍ଷେପ ନିଆଯାଉଥିଲେ ମଧ୍ୟ କାଠ ମାଫିଆଙ୍କ ଦୌରାତ୍ମ୍ୟ ଜାରି ରହିଛି । ବୈଠକରେ ସଦସ୍ୟମାନେ ଏହି ପ୍ରସଙ୍ଗ ଉଠାଇ ତୁରନ୍ତ କାର୍ଯ୍ୟାନୁଷ୍ଠାନ ପାଇଁ ଦାବି କରିଥିଲେ । ଗ୍ରାମାଞ୍ଚଳରେ ଲୋକମାନେ ଏ ନେଇ ଅସନ୍ତୋଷ ପ୍ରକାଶ କରିଛନ୍ତି ଏବଂ ବିଭାଗୀୟ ଅଧିକାରୀଙ୍କ ଦୃଷ୍ଟି ଆକର୍ଷଣ କରିଛନ୍ତି ।

ଯୋଜନା
ବାଟବଣା

ଜିଲ୍ଲାରେ ଜଙ୍ଗଲ ସମ୍ପଦ ସୁରକ୍ଷା ଦିଗରେ ବନ ବିଭାଗ ଓ ପ୍ରଶାସନ ପକ୍ଷରୁ ବିଭିନ୍ନ ପଦକ୍ଷେପ ନିଆଯାଉଥିଲେ ମଧ୍ୟ କାଠ ମାଫିଆଙ୍କ ଦୌରାତ୍ମ୍ୟ ଜାରି ରହିଛି । ବୈଠକରେ ସଦସ୍ୟମାନେ ଏହି ପ୍ରସଙ୍ଗ ଉଠାଇ ତୁରନ୍ତ କାର୍ଯ୍ୟାନୁଷ୍ଠାନ ପାଇଁ ଦାବି କରିଥିଲେ । ଗ୍ରାମାଞ୍ଚଳରେ ଲୋକମାନେ ଏ ନେଇ ଅସନ୍ତୋଷ ପ୍ରକାଶ କରିଛନ୍ତି ଏବଂ ବିଭାଗୀୟ ଅଧିକାରୀଙ୍କ ଦୃଷ୍ଟି ଆକର୍ଷଣ କରିଛନ୍ତି ।

ଜିଲ୍ଲାରେ ଜଙ୍ଗଲ ସମ୍ପଦ ସୁରକ୍ଷା ଦିଗରେ ବନ ବିଭାଗ ଓ ପ୍ରଶାସନ ପକ୍ଷରୁ ବିଭିନ୍ନ ପଦକ୍ଷେପ ନିଆଯାଉଥିଲେ ମଧ୍ୟ କାଠ ମାଫିଆଙ୍କ ଦୌରାତ୍ମ୍ୟ ଜାରି ରହିଛି । ବୈଠକରେ ସଦସ୍ୟମାନେ ଏହି ପ୍ରସଙ୍ଗ ଉଠାଇ ତୁରନ୍ତ କାର୍ଯ୍ୟାନୁଷ୍ଠାନ ପାଇଁ ଦାବି କରିଥିଲେ । ଗ୍ରାମାଞ୍ଚଳରେ ଲୋକମାନେ ଏ ନେଇ ଅସନ୍ତୋଷ ପ୍ରକାଶ କରିଛନ୍ତି ଏବଂ ବିଭାଗୀୟ ଅଧିକାରୀଙ୍କ ଦୃଷ୍ଟି ଆକର୍ଷଣ କରିଛନ୍ତି ।

ଜିଲ୍ଲାରେ ଜଙ୍ଗଲ ସମ୍ପଦ ସୁରକ୍ଷା ଦିଗରେ ବନ ବିଭାଗ ଓ ପ୍ରଶାସନ ପକ୍ଷରୁ ବିଭିନ୍ନ ପଦକ୍ଷେପ ନିଆଯାଉଥିଲେ ମଧ୍ୟ କାଠ ମାଫିଆଙ୍କ ଦୌରାତ୍ମ୍ୟ ଜାରି ରହିଛି । ବୈଠକରେ ସଦସ୍ୟମାନେ ଏହି ପ୍ରସଙ୍ଗ ଉଠାଇ ତୁରନ୍ତ କାର୍ଯ୍ୟାନୁଷ୍ଠାନ ପାଇଁ ଦାବି କରିଥିଲେ । ଗ୍ରାମାଞ୍ଚଳରେ ଲୋକମାନେ ଏ ନେଇ ଅସନ୍ତୋଷ ପ୍ରକାଶ କରିଛନ୍ତି ଏବଂ ବିଭାଗୀୟ ଅଧିକାରୀଙ୍କ ଦୃଷ୍ଟି ଆକର୍ଷଣ କରିଛନ୍ତି ।

ଜିଲ୍ଲାରେ ଜଙ୍ଗଲ ସମ୍ପଦ ସୁରକ୍ଷା ଦିଗରେ ବନ ବିଭାଗ ଓ ପ୍ରଶାସନ ପକ୍ଷରୁ ବିଭିନ୍ନ ପଦକ୍ଷେପ ନିଆଯାଉଥିଲେ ମଧ୍ୟ କାଠ ମାଫିଆଙ୍କ ଦୌରାତ୍ମ୍ୟ ଜାରି ରହିଛି । ବୈଠକରେ ସଦସ୍ୟମାନେ ଏହି ପ୍ରସଙ୍ଗ ଉଠାଇ ତୁରନ୍ତ କାର୍ଯ୍ୟାନୁଷ୍ଠାନ ପାଇଁ ଦାବି କରିଥିଲେ । ଗ୍ରାମାଞ୍ଚଳରେ ଲୋକମାନେ ଏ ନେଇ ଅସନ୍ତୋଷ ପ୍ରକାଶ କରିଛନ୍ତି ଏବଂ ବିଭାଗୀୟ ଅଧିକାରୀଙ୍କ ଦୃଷ୍ଟି ଆକର୍ଷଣ କରିଛନ୍ତି ।
